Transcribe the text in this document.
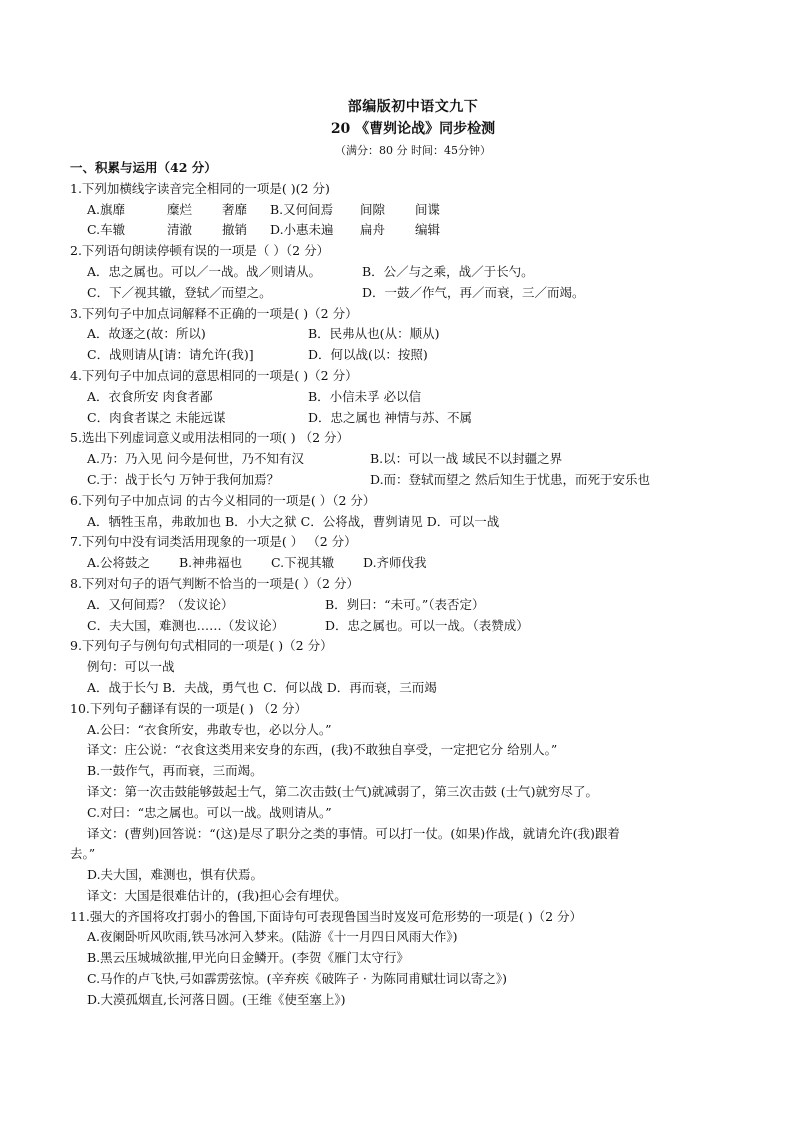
部编版初中语文九下
20 《曹刿论战》同步检测
（满分：80 分 时间：45分钟）
一、积累与运用（42 分）
1.下列加横线字读音完全相同的一项是( )(2 分)
A.旗靡	糜烂 奢靡 B.又何间焉 间隙 间谍
C.车辙	清澈 撤销 D.小惠未遍 扁舟 编辑
2.下列语句朗读停顿有误的一项是（ ）（2 分）
A．忠之属也。可以／一战。战／则请从。	B．公／与之乘，战／于长勺。
C．下／视其辙，登轼／而望之。	D．一鼓／作气，再／而衰，三／而竭。
3.下列句子中加点词解释不正确的一项是( )（2 分）
A．故逐之(故：所以)	B．民弗从也(从：顺从)
C．战则请从[请：请允许(我)]	D．何以战(以：按照)
4.下列句子中加点词的意思相同的一项是( )（2 分）
A．衣食所安 肉食者鄙	B．小信未孚 必以信
C．肉食者谋之 未能远谋	D．忠之属也 神情与苏、不属
5.选出下列虚词意义或用法相同的一项( ) （2 分）
A.乃：乃入见 问今是何世，乃不知有汉	B.以：可以一战 域民不以封疆之界
C.于：战于长勺 万钟于我何加焉？	D.而：登轼而望之 然后知生于忧患，而死于安乐也
6.下列句子中加点词 的古今义相同的一项是( ）（2 分）
A．牺牲玉帛，弗敢加也 B．小大之狱 C．公将战，曹刿请见 D．可以一战
7.下列句中没有词类活用现象的一项是( ） （2 分）
A.公将鼓之 B.神弗福也 C.下视其辙 D.齐师伐我
8.下列对句子的语气判断不恰当的一项是( ）（2 分）
A．又何间焉？（发议论）	B．刿曰：“未可。”（表否定）
C．夫大国，难测也……（发议论）	D．忠之属也。可以一战。（表赞成）
9.下列句子与例句句式相同的一项是( )（2 分）
例句：可以一战
A．战于长勺 B．夫战，勇气也 C．何以战 D．再而衰，三而竭
10.下列句子翻译有误的一项是( ) （2 分）
A.公曰：“衣食所安，弗敢专也，必以分人。”
译文：庄公说：“衣食这类用来安身的东西，(我)不敢独自享受，一定把它分 给别人。”
B.一鼓作气，再而衰，三而竭。
译文：第一次击鼓能够鼓起士气，第二次击鼓(士气)就减弱了，第三次击鼓 (士气)就穷尽了。
C.对曰：“忠之属也。可以一战。战则请从。”
译文：(曹刿)回答说：“(这)是尽了职分之类的事情。可以打一仗。(如果)作战，就请允许(我)跟着
去。”
D.夫大国，难测也，惧有伏焉。
译文：大国是很难估计的，(我)担心会有埋伏。
11.强大的齐国将攻打弱小的鲁国,下面诗句可表现鲁国当时岌岌可危形势的一项是( )（2 分）
A.夜阑卧听风吹雨,铁马冰河入梦来。(陆游《十一月四日风雨大作》)
B.黑云压城城欲摧,甲光向日金鳞开。(李贺《雁门太守行》
C.马作的卢飞快,弓如霹雳弦惊。(辛弃疾《破阵子 · 为陈同甫赋壮词以寄之》)
D.大漠孤烟直,长河落日圆。(王维《使至塞上》)
